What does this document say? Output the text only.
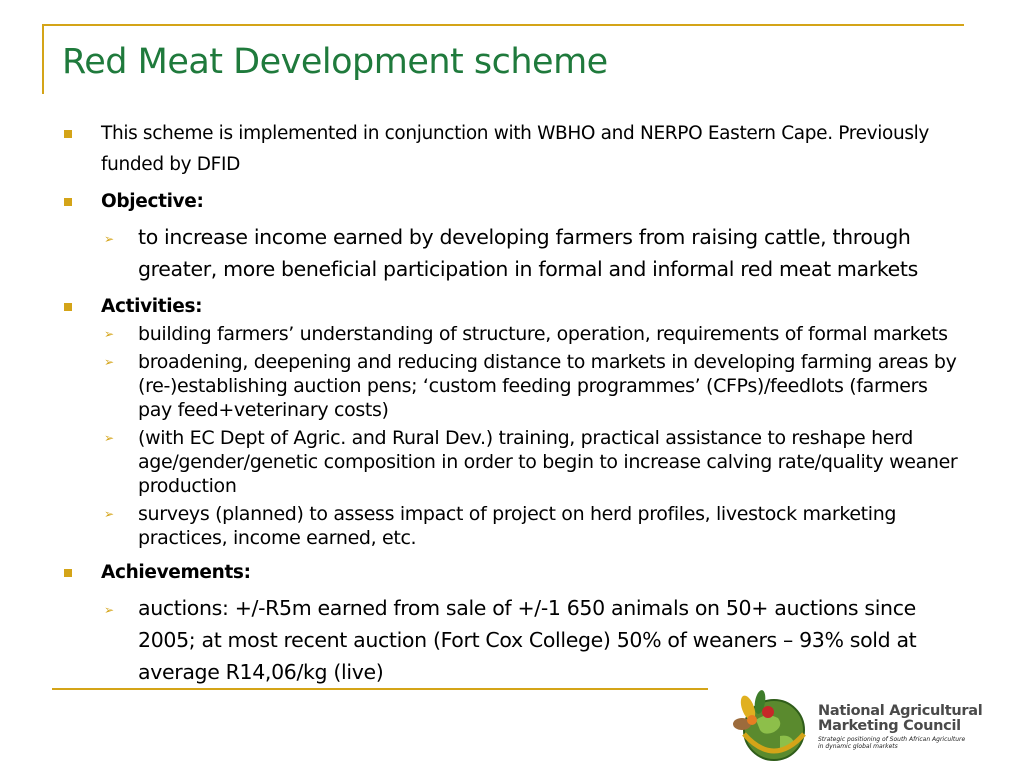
Red Meat Development scheme
This scheme is implemented in conjunction with WBHO and NERPO Eastern Cape. Previously funded by DFID
Objective:
➢ to increase income earned by developing farmers from raising cattle, through greater, more beneficial participation in formal and informal red meat markets
Activities:
➢ building farmers’ understanding of structure, operation, requirements of formal markets
➢ broadening, deepening and reducing distance to markets in developing farming areas by (re-)establishing auction pens; ‘custom feeding programmes’ (CFPs)/feedlots (farmers pay feed+veterinary costs)
➢ (with EC Dept of Agric. and Rural Dev.) training, practical assistance to reshape herd age/gender/genetic composition in order to begin to increase calving rate/quality weaner production
➢ surveys (planned) to assess impact of project on herd profiles, livestock marketing practices, income earned, etc.
Achievements:
➢ auctions: +/-R5m earned from sale of +/-1 650 animals on 50+ auctions since 2005; at most recent auction (Fort Cox College) 50% of weaners – 93% sold at average R14,06/kg (live)
National Agricultural
Marketing Council
Strategic positioning of South African Agriculture
in dynamic global markets
